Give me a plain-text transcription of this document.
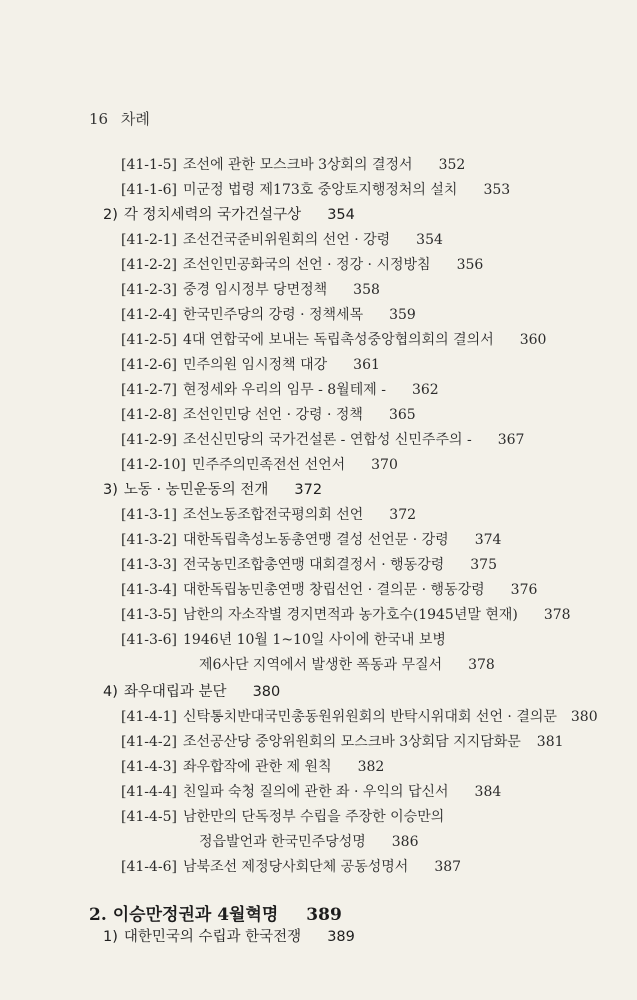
16 차례
[41-1-5] 조선에 관한 모스크바 3상회의 결정서 352
[41-1-6] 미군정 법령 제173호 중앙토지행정처의 설치 353
2) 각 정치세력의 국가건설구상 354
[41-2-1] 조선건국준비위원회의 선언 · 강령 354
[41-2-2] 조선인민공화국의 선언 · 정강 · 시정방침 356
[41-2-3] 중경 임시정부 당면정책 358
[41-2-4] 한국민주당의 강령 · 정책세목 359
[41-2-5] 4대 연합국에 보내는 독립촉성중앙협의회의 결의서 360
[41-2-6] 민주의원 임시정책 대강 361
[41-2-7] 현정세와 우리의 임무 - 8월테제 - 362
[41-2-8] 조선인민당 선언 · 강령 · 정책 365
[41-2-9] 조선신민당의 국가건설론 - 연합성 신민주주의 - 367
[41-2-10] 민주주의민족전선 선언서 370
3) 노동 · 농민운동의 전개 372
[41-3-1] 조선노동조합전국평의회 선언 372
[41-3-2] 대한독립촉성노동총연맹 결성 선언문 · 강령 374
[41-3-3] 전국농민조합총연맹 대회결정서 · 행동강령 375
[41-3-4] 대한독립농민총연맹 창립선언 · 결의문 · 행동강령 376
[41-3-5] 남한의 자소작별 경지면적과 농가호수(1945년말 현재) 378
[41-3-6] 1946년 10월 1~10일 사이에 한국내 보병
제6사단 지역에서 발생한 폭동과 무질서 378
4) 좌우대립과 분단 380
[41-4-1] 신탁통치반대국민총동원위원회의 반탁시위대회 선언 · 결의문 380
[41-4-2] 조선공산당 중앙위원회의 모스크바 3상회담 지지담화문 381
[41-4-3] 좌우합작에 관한 제 원칙 382
[41-4-4] 친일파 숙청 질의에 관한 좌 · 우익의 답신서 384
[41-4-5] 남한만의 단독정부 수립을 주장한 이승만의
정읍발언과 한국민주당성명 386
[41-4-6] 남북조선 제정당사회단체 공동성명서 387
2. 이승만정권과 4월혁명 389
1) 대한민국의 수립과 한국전쟁 389
